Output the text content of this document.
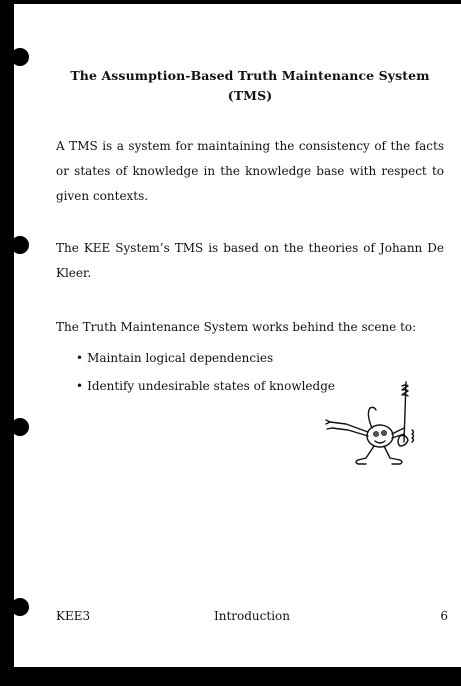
The Assumption-Based Truth Maintenance System
(TMS)
A TMS is a system for maintaining the consistency of the facts or states of knowledge in the knowledge base with respect to given contexts.
The KEE System’s TMS is based on the theories of Johann De Kleer.
The Truth Maintenance System works behind the scene to:
• Maintain logical dependencies
• Identify undesirable states of knowledge
KEE3	Introduction	6
